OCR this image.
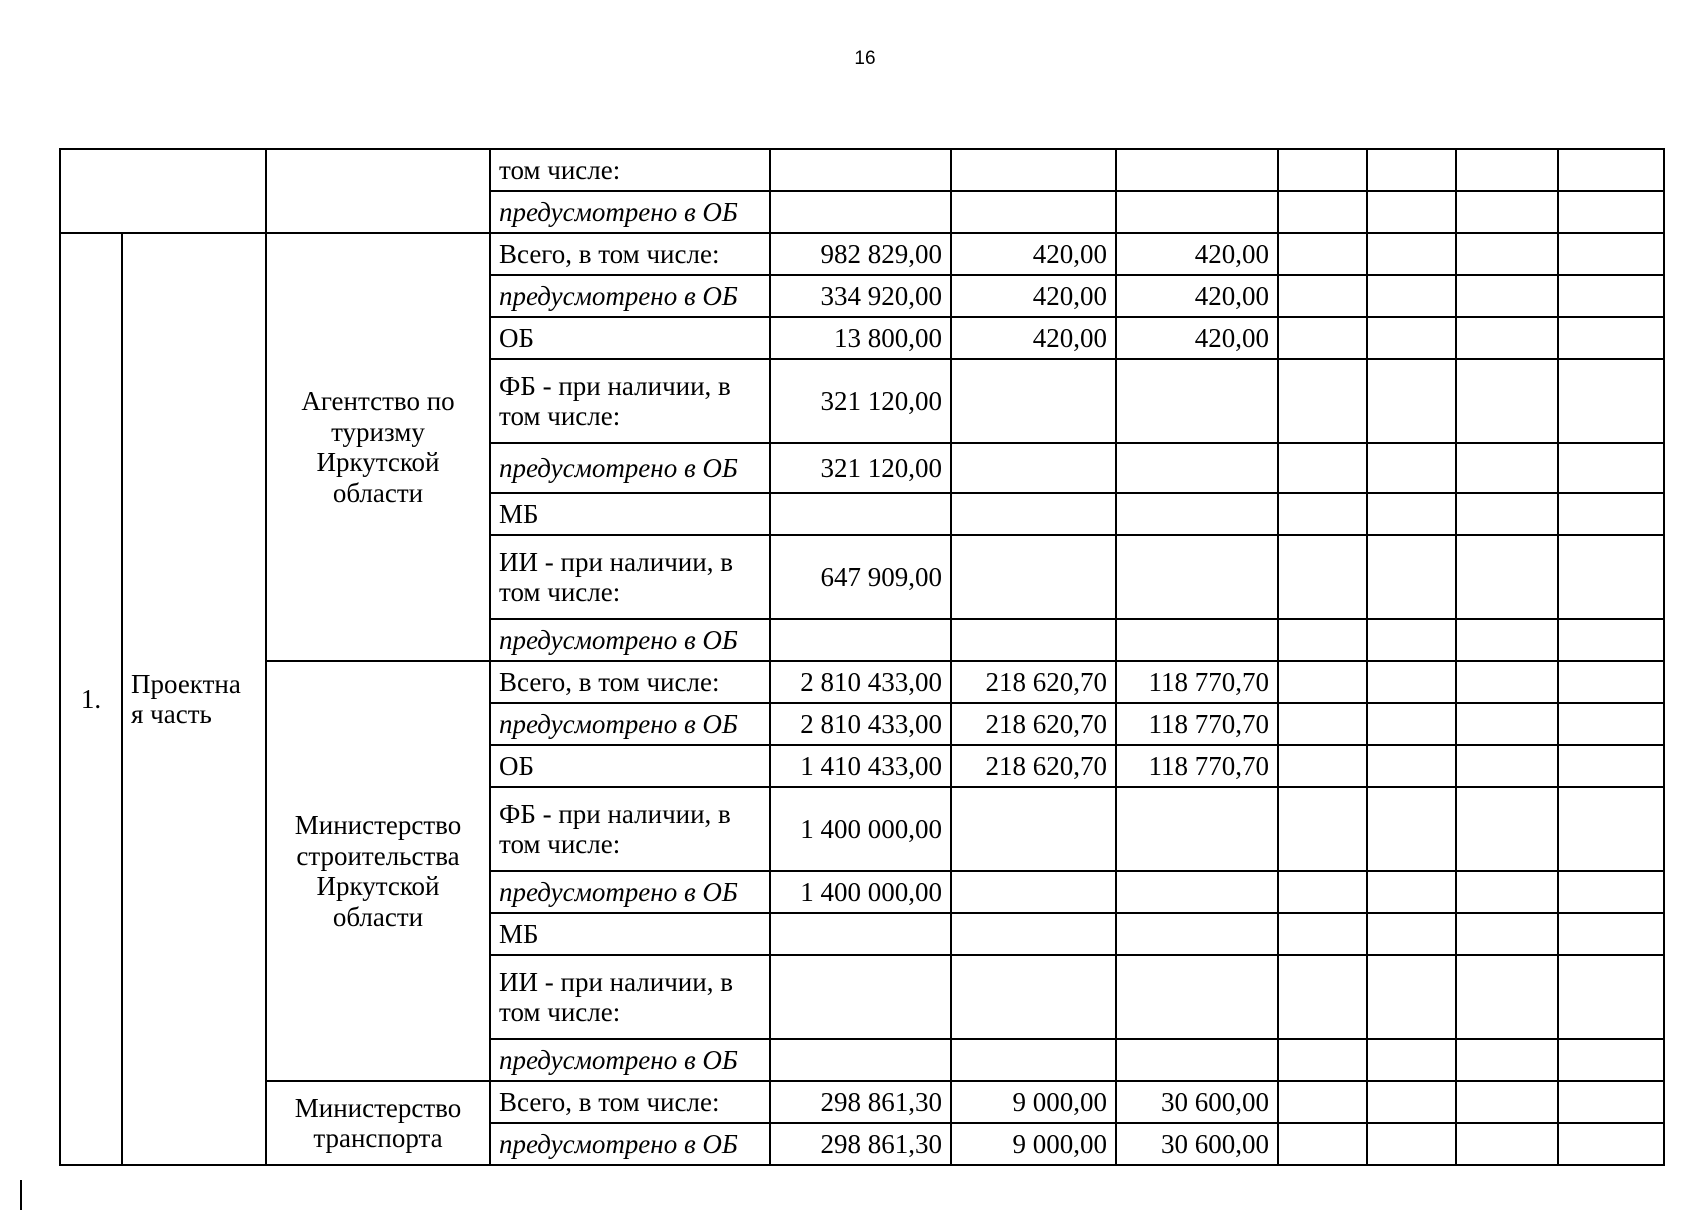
16
			том числе:							
			предусмотрено в ОБ							
1.	Проектна я часть	Агентство по туризму Иркутской области	Всего, в том числе:	982 829,00	420,00	420,00				
			предусмотрено в ОБ	334 920,00	420,00	420,00				
			ОБ	13 800,00	420,00	420,00				
			ФБ - при наличии, в том числе:	321 120,00						
			предусмотрено в ОБ	321 120,00						
			МБ							
			ИИ - при наличии, в том числе:	647 909,00						
			предусмотрено в ОБ							
		Министерство строительства Иркутской области	Всего, в том числе:	2 810 433,00	218 620,70	118 770,70				
			предусмотрено в ОБ	2 810 433,00	218 620,70	118 770,70				
			ОБ	1 410 433,00	218 620,70	118 770,70				
			ФБ - при наличии, в том числе:	1 400 000,00						
			предусмотрено в ОБ	1 400 000,00						
			МБ							
			ИИ - при наличии, в том числе:							
			предусмотрено в ОБ							
		Министерство транспорта	Всего, в том числе:	298 861,30	9 000,00	30 600,00				
			предусмотрено в ОБ	298 861,30	9 000,00	30 600,00				
